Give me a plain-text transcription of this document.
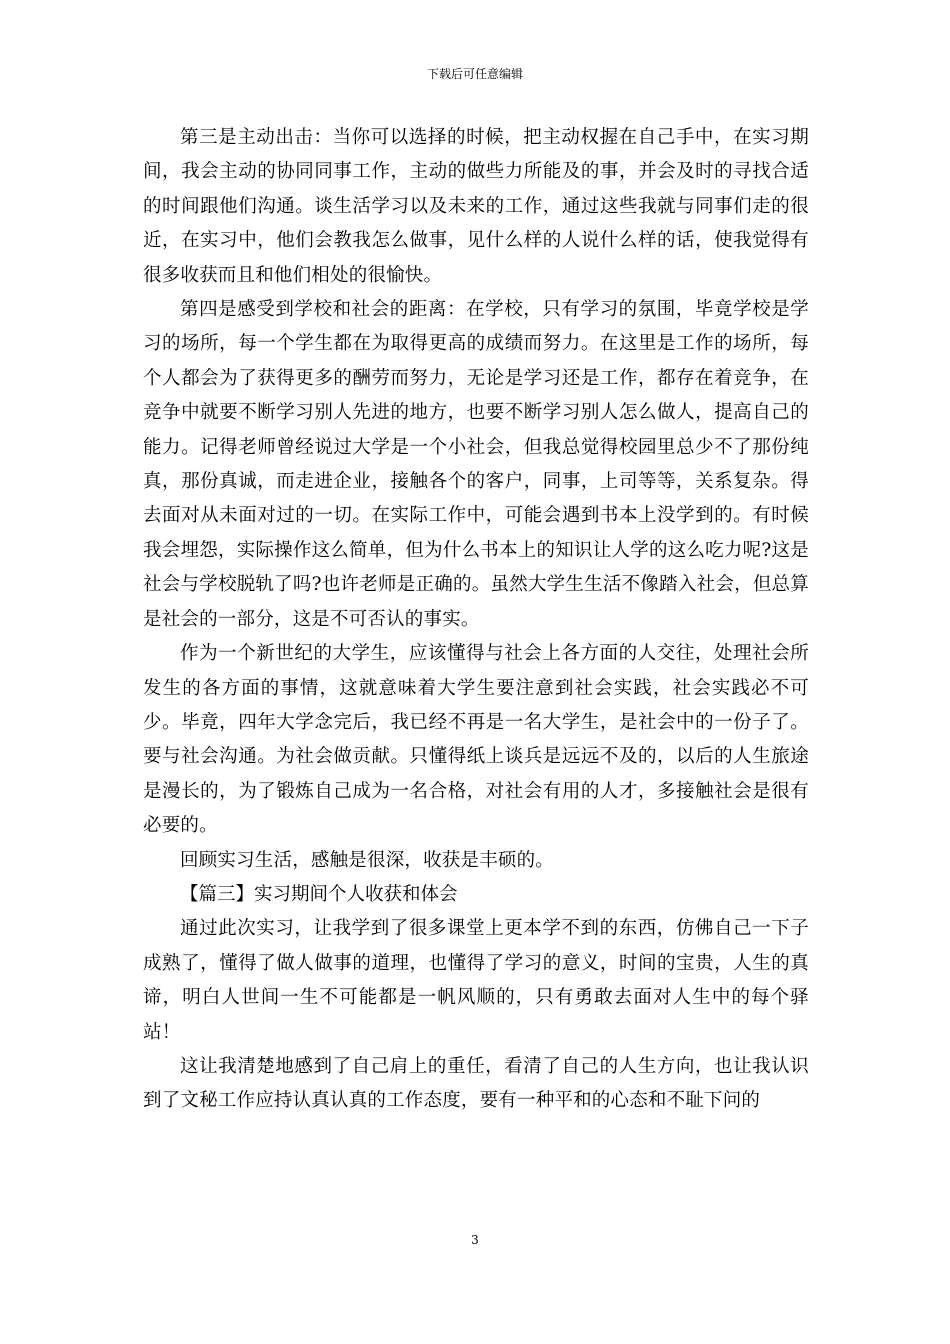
下载后可任意编辑

第三是主动出击：当你可以选择的时候，把主动权握在自己手中，在实习期间，我会主动的协同同事工作，主动的做些力所能及的事，并会及时的寻找合适的时间跟他们沟通。谈生活学习以及未来的工作，通过这些我就与同事们走的很近，在实习中，他们会教我怎么做事，见什么样的人说什么样的话，使我觉得有很多收获而且和他们相处的很愉快。

第四是感受到学校和社会的距离：在学校，只有学习的氛围，毕竟学校是学习的场所，每一个学生都在为取得更高的成绩而努力。在这里是工作的场所，每个人都会为了获得更多的酬劳而努力，无论是学习还是工作，都存在着竞争，在竞争中就要不断学习别人先进的地方，也要不断学习别人怎么做人，提高自己的能力。记得老师曾经说过大学是一个小社会，但我总觉得校园里总少不了那份纯真，那份真诚，而走进企业，接触各个的客户，同事，上司等等，关系复杂。得去面对从未面对过的一切。在实际工作中，可能会遇到书本上没学到的。有时候我会埋怨，实际操作这么简单，但为什么书本上的知识让人学的这么吃力呢?这是社会与学校脱轨了吗?也许老师是正确的。虽然大学生生活不像踏入社会，但总算是社会的一部分，这是不可否认的事实。

作为一个新世纪的大学生，应该懂得与社会上各方面的人交往，处理社会所发生的各方面的事情，这就意味着大学生要注意到社会实践，社会实践必不可少。毕竟，四年大学念完后，我已经不再是一名大学生，是社会中的一份子了。要与社会沟通。为社会做贡献。只懂得纸上谈兵是远远不及的，以后的人生旅途是漫长的，为了锻炼自己成为一名合格，对社会有用的人才，多接触社会是很有必要的。

回顾实习生活，感触是很深，收获是丰硕的。

【篇三】实习期间个人收获和体会

通过此次实习，让我学到了很多课堂上更本学不到的东西，仿佛自己一下子成熟了，懂得了做人做事的道理，也懂得了学习的意义，时间的宝贵，人生的真谛，明白人世间一生不可能都是一帆风顺的，只有勇敢去面对人生中的每个驿站！

这让我清楚地感到了自己肩上的重任，看清了自己的人生方向，也让我认识到了文秘工作应持认真认真的工作态度，要有一种平和的心态和不耻下问的

3
